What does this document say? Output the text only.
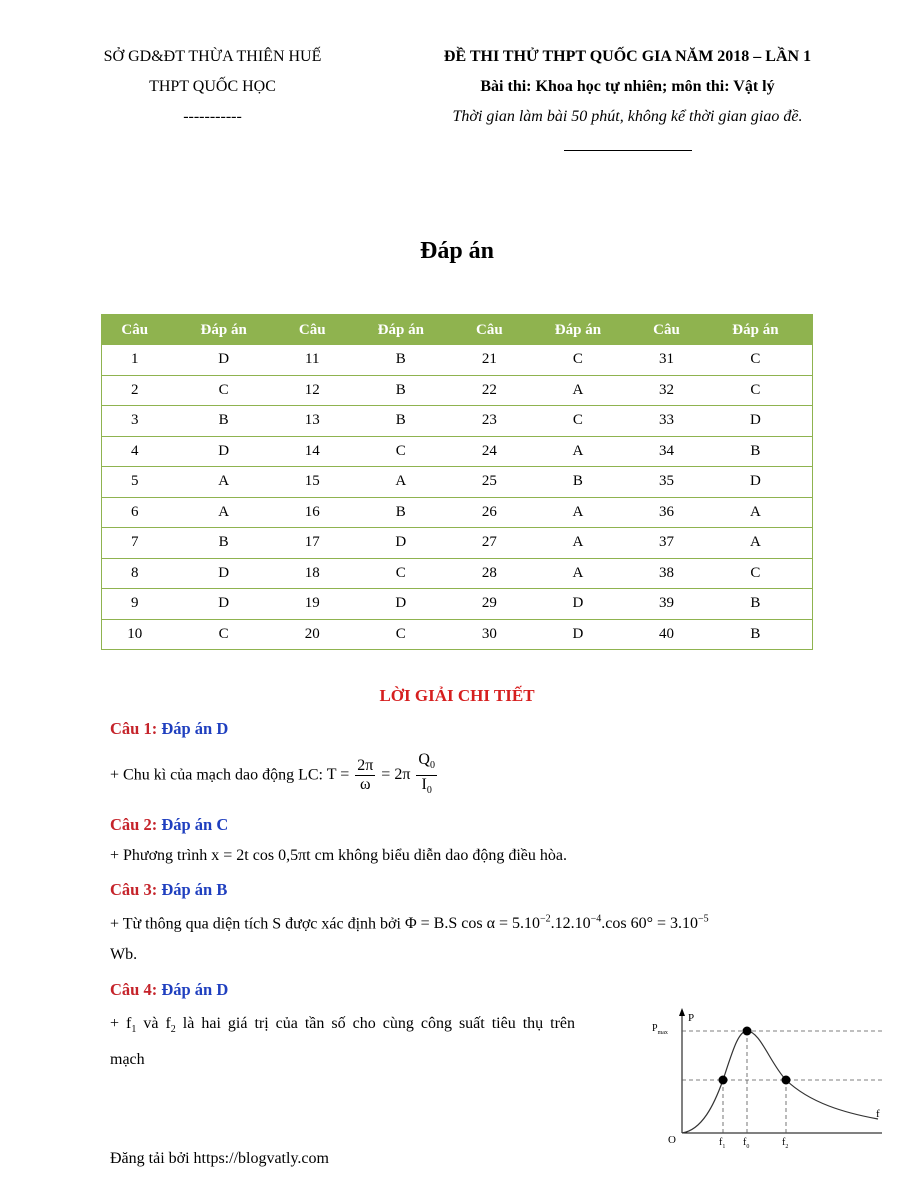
SỞ GD&ĐT THỪA THIÊN HUẾ
THPT QUỐC HỌC
-----------
ĐỀ THI THỬ THPT QUỐC GIA NĂM 2018 – LẦN 1
Bài thi: Khoa học tự nhiên; môn thi: Vật lý
Thời gian làm bài 50 phút, không kể thời gian giao đề.
Đáp án
Câu	Đáp án	Câu	Đáp án	Câu	Đáp án	Câu	Đáp án
1	D	11	B	21	C	31	C
2	C	12	B	22	A	32	C
3	B	13	B	23	C	33	D
4	D	14	C	24	A	34	B
5	A	15	A	25	B	35	D
6	A	16	B	26	A	36	A
7	B	17	D	27	A	37	A
8	D	18	C	28	A	38	C
9	D	19	D	29	D	39	B
10	C	20	C	30	D	40	B
LỜI GIẢI CHI TIẾT
Câu 1: Đáp án D
+ Chu kì của mạch dao động LC: $T = \frac{2\pi}{\omega} = 2\pi \frac{Q_0}{I_0}$
Câu 2: Đáp án C
+ Phương trình x = 2t cos 0,5πt cm không biểu diễn dao động điều hòa.
Câu 3: Đáp án B
+ Từ thông qua diện tích S được xác định bởi Φ = B.S $\cos \alpha = 5.10^{-2}.12.10^{-4}.\cos$ $60^\circ = 3.10^{-5}$
Wb.
Câu 4: Đáp án D
+ $f_1$ và $f_2$ là hai giá trị của tần số cho cùng công suất tiêu thụ trên
mạch
P
$P_{max}$
f
O	$f_1$ $f_0$	$f_2$
Đăng tải bởi https://blogvatly.com
